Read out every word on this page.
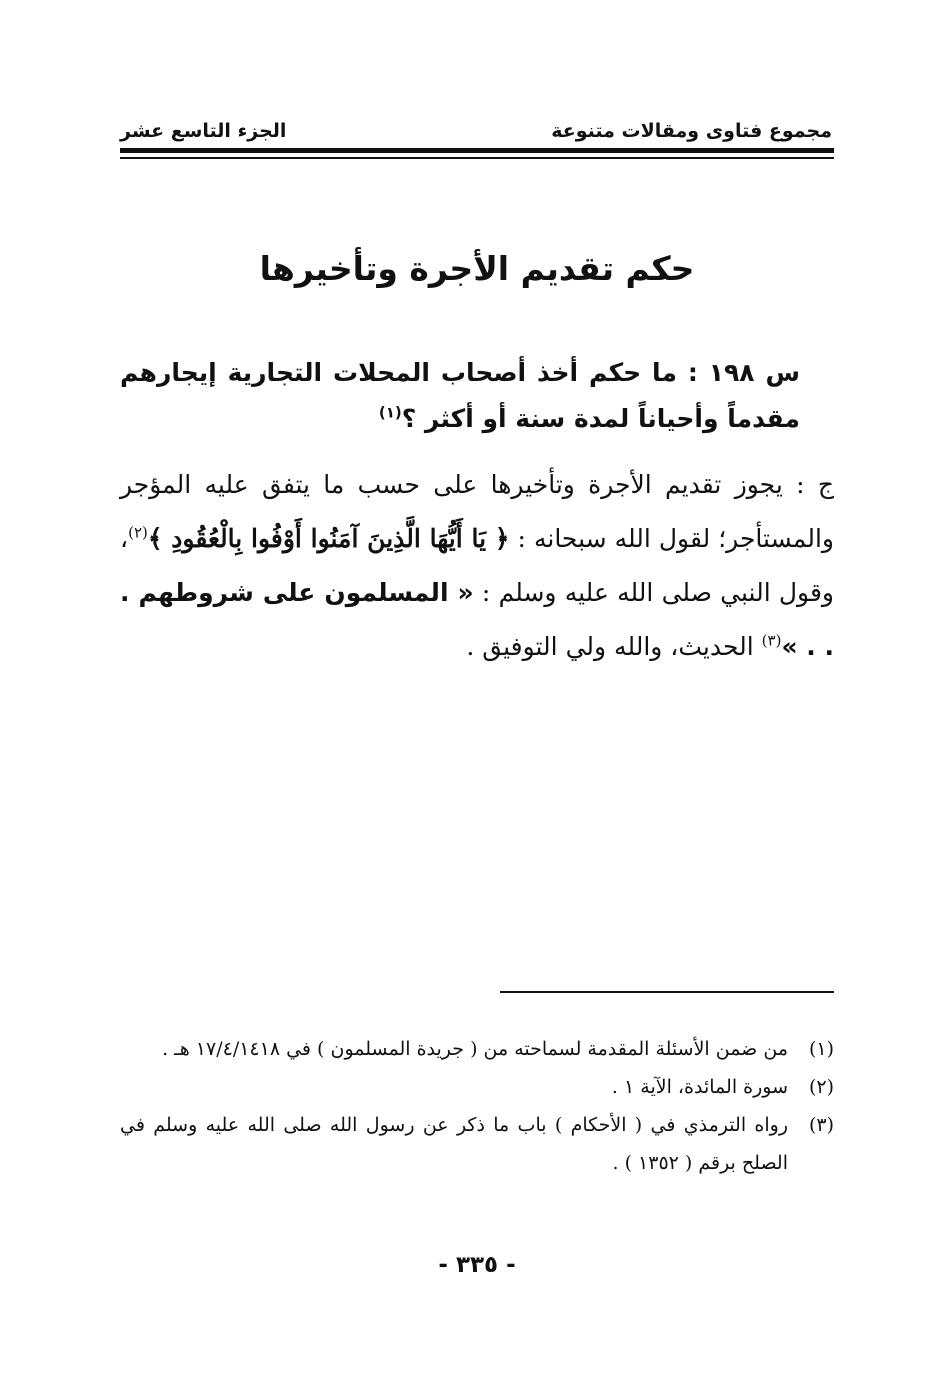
مجموع فتاوى ومقالات متنوعة
الجزء التاسع عشر
حكم تقديم الأجرة وتأخيرها
س ١٩٨ : ما حكم أخذ أصحاب المحلات التجارية إيجارهم مقدماً وأحياناً لمدة سنة أو أكثر ؟$^{(١)}$
ج : يجوز تقديم الأجرة وتأخيرها على حسب ما يتفق عليه المؤجر والمستأجر؛ لقول الله سبحانه : ﴿ يَا أَيُّهَا الَّذِينَ آمَنُوا أَوْفُوا بِالْعُقُودِ ﴾$^{(٢)}$، وقول النبي صلى الله عليه وسلم : « المسلمون على شروطهم . . . »$^{(٣)}$ الحديث، والله ولي التوفيق .
(١)
من ضمن الأسئلة المقدمة لسماحته من ( جريدة المسلمون ) في ١٧/٤/١٤١٨ هـ .
(٢)
سورة المائدة، الآية ١ .
(٣)
رواه الترمذي في ( الأحكام ) باب ما ذكر عن رسول الله صلى الله عليه وسلم في الصلح برقم ( ١٣٥٢ ) .
- ٣٣٥ -
